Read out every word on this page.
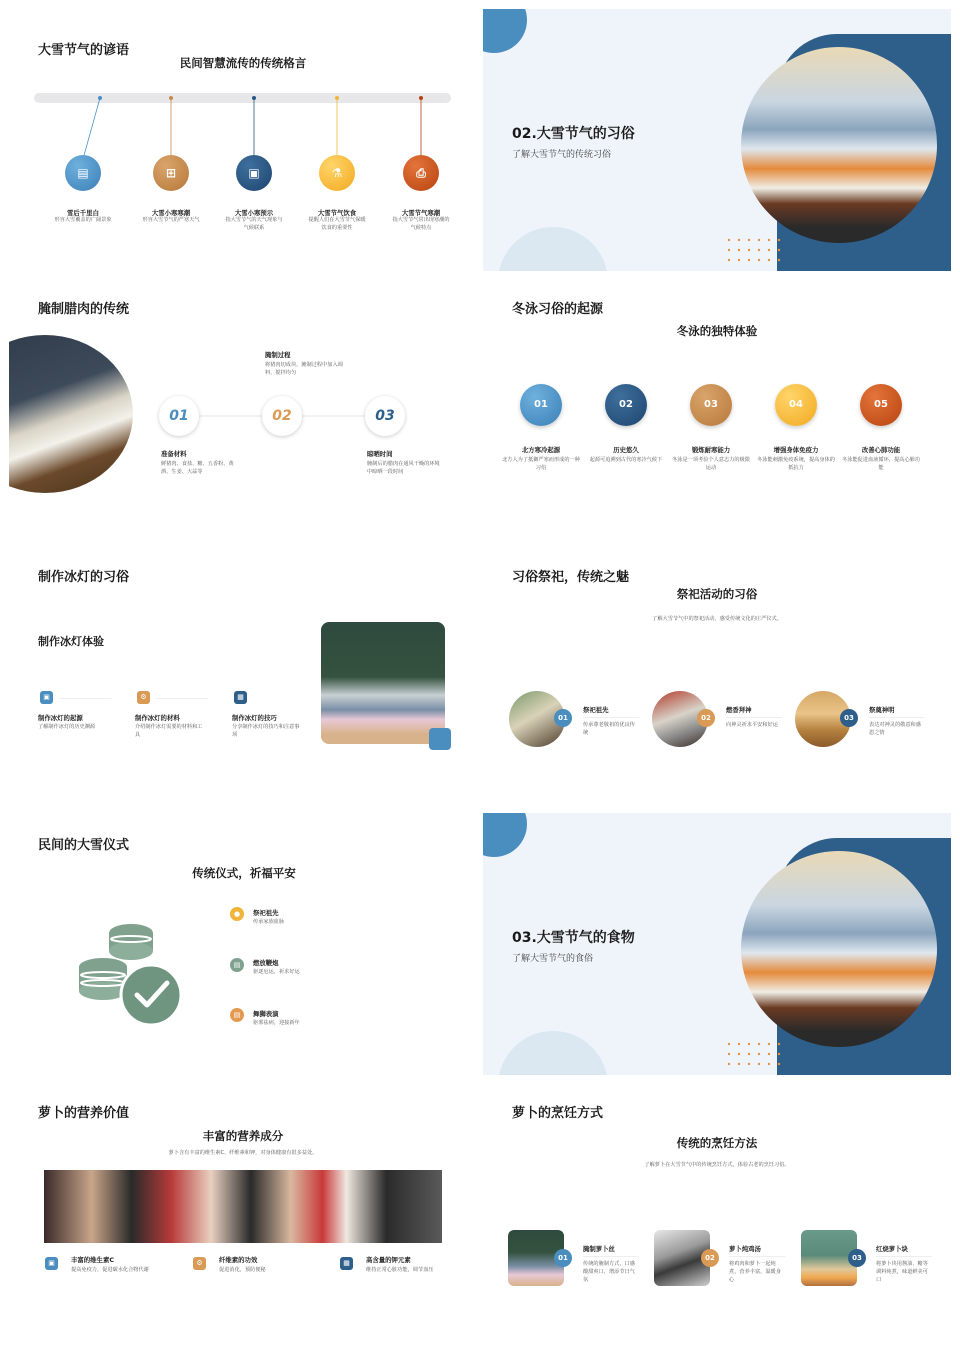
大雪节气的谚语
民间智慧流传的传统格言
▤	⊞	▣	⚗	⎙
雪后千里白
形容大雪覆盖的广阔景象
大雪小寒寒潮
形容大雪节气的严寒天气
大雪小寒预示
指大雪节气的天气现象与气候联系
大雪节气饮食
提醒人们在大雪节气保暖饮食的重要性
大雪节气寒潮
指大雪节气常出现寒潮的气候特点
02.大雪节气的习俗
了解大雪节气的传统习俗
腌制腊肉的传统
01	02	03
腌制过程
将猪肉切成块，腌制过程中加入调料，搅拌均匀
准备材料
鲜猪肉、食盐、糖、五香粉、黄酒、生姜、大蒜等
晾晒时间
腌制后的腊肉在通风干燥的环境中晾晒一段时间
冬泳习俗的起源
冬泳的独特体验
01	02	03	04	05
北方寒冷起源
北方人为了抵御严寒而形成的一种习俗
历史悠久
起源可追溯到古代的寒冷气候下
锻炼耐寒能力
冬泳是一项考验个人意志力的极限运动
增强身体免疫力
冬泳能刺激免疫系统，提高身体的抵抗力
改善心肺功能
冬泳能促进血液循环，提高心肺功能
制作冰灯的习俗
制作冰灯体验
▣	⚙	▦
制作冰灯的起源
了解制作冰灯的历史渊源
制作冰灯的材料
介绍制作冰灯需要的材料和工具
制作冰灯的技巧
分享制作冰灯的技巧和注意事项
习俗祭祀，传统之魅
祭祀活动的习俗
了解大雪节气中的祭祀活动，感受传统文化的庄严仪式。
01	02	03
祭祀祖先
传承尊老敬祖的优良传统
燃香拜神
向神灵祈求平安和好运
祭奠神明
表达对神灵的敬意和感恩之情
民间的大雪仪式
传统仪式，祈福平安
●
▤
▤
祭祀祖先
传承家族血脉
燃放鞭炮
驱逐厄运，祈求好运
舞狮表演
驱邪祛病，迎接新年
03.大雪节气的食物
了解大雪节气的食俗
萝卜的营养价值
丰富的营养成分
萝卜含有丰富的维生素C、纤维素和钾，对身体健康有很多益处。
▣	⚙	▦
丰富的维生素C
提高免疫力，促进碳水化合物代谢
纤维素的功效
促进消化，预防便秘
高含量的钾元素
维持正常心脏功能，调节血压
萝卜的烹饪方式
传统的烹饪方法
了解萝卜在大雪节气中的传统烹饪方式，体验古老的烹饪习俗。
01	02	03
腌制萝卜丝
传统的腌制方式，口感酸甜爽口，增添节日气氛
萝卜炖鸡汤
将鸡肉和萝卜一起炖煮，营养丰富，温暖身心
红烧萝卜块
将萝卜块用酱油、糖等调料炖煮，味道鲜美可口
